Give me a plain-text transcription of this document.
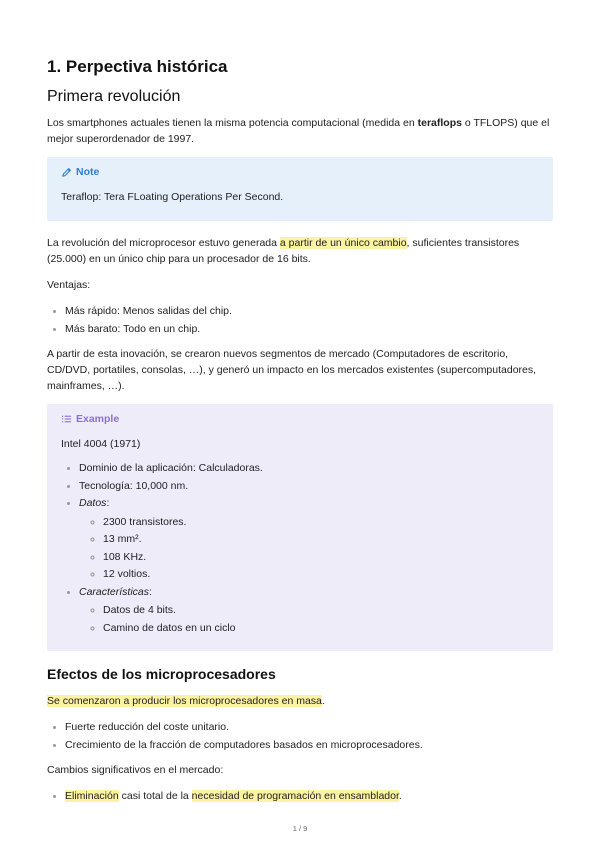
1. Perpectiva histórica
Primera revolución

Los smartphones actuales tienen la misma potencia computacional (medida en teraflops o TFLOPS) que el mejor superordenador de 1997.

Note

Teraflop: Tera FLoating Operations Per Second.

La revolución del microprocesor estuvo generada a partir de un único cambio, suficientes transistores (25.000) en un único chip para un procesador de 16 bits.

Ventajas:

• Más rápido: Menos salidas del chip.
• Más barato: Todo en un chip.

A partir de esta inovación, se crearon nuevos segmentos de mercado (Computadores de escritorio, CD/DVD, portatiles, consolas, …), y generó un impacto en los mercados existentes (supercomputadores, mainframes, …).

Example

Intel 4004 (1971)

• Dominio de la aplicación: Calculadoras.
• Tecnología: 10,000 nm.
• Datos:
◦ 2300 transistores.
◦ 13 mm².
◦ 108 KHz.
◦ 12 voltios.
• Características:
◦ Datos de 4 bits.
◦ Camino de datos en un ciclo
Efectos de los microprocesadores

Se comenzaron a producir los microprocesadores en masa.

• Fuerte reducción del coste unitario.
• Crecimiento de la fracción de computadores basados en microprocesadores.

Cambios significativos en el mercado:

• Eliminación casi total de la necesidad de programación en ensamblador.
1 / 9
